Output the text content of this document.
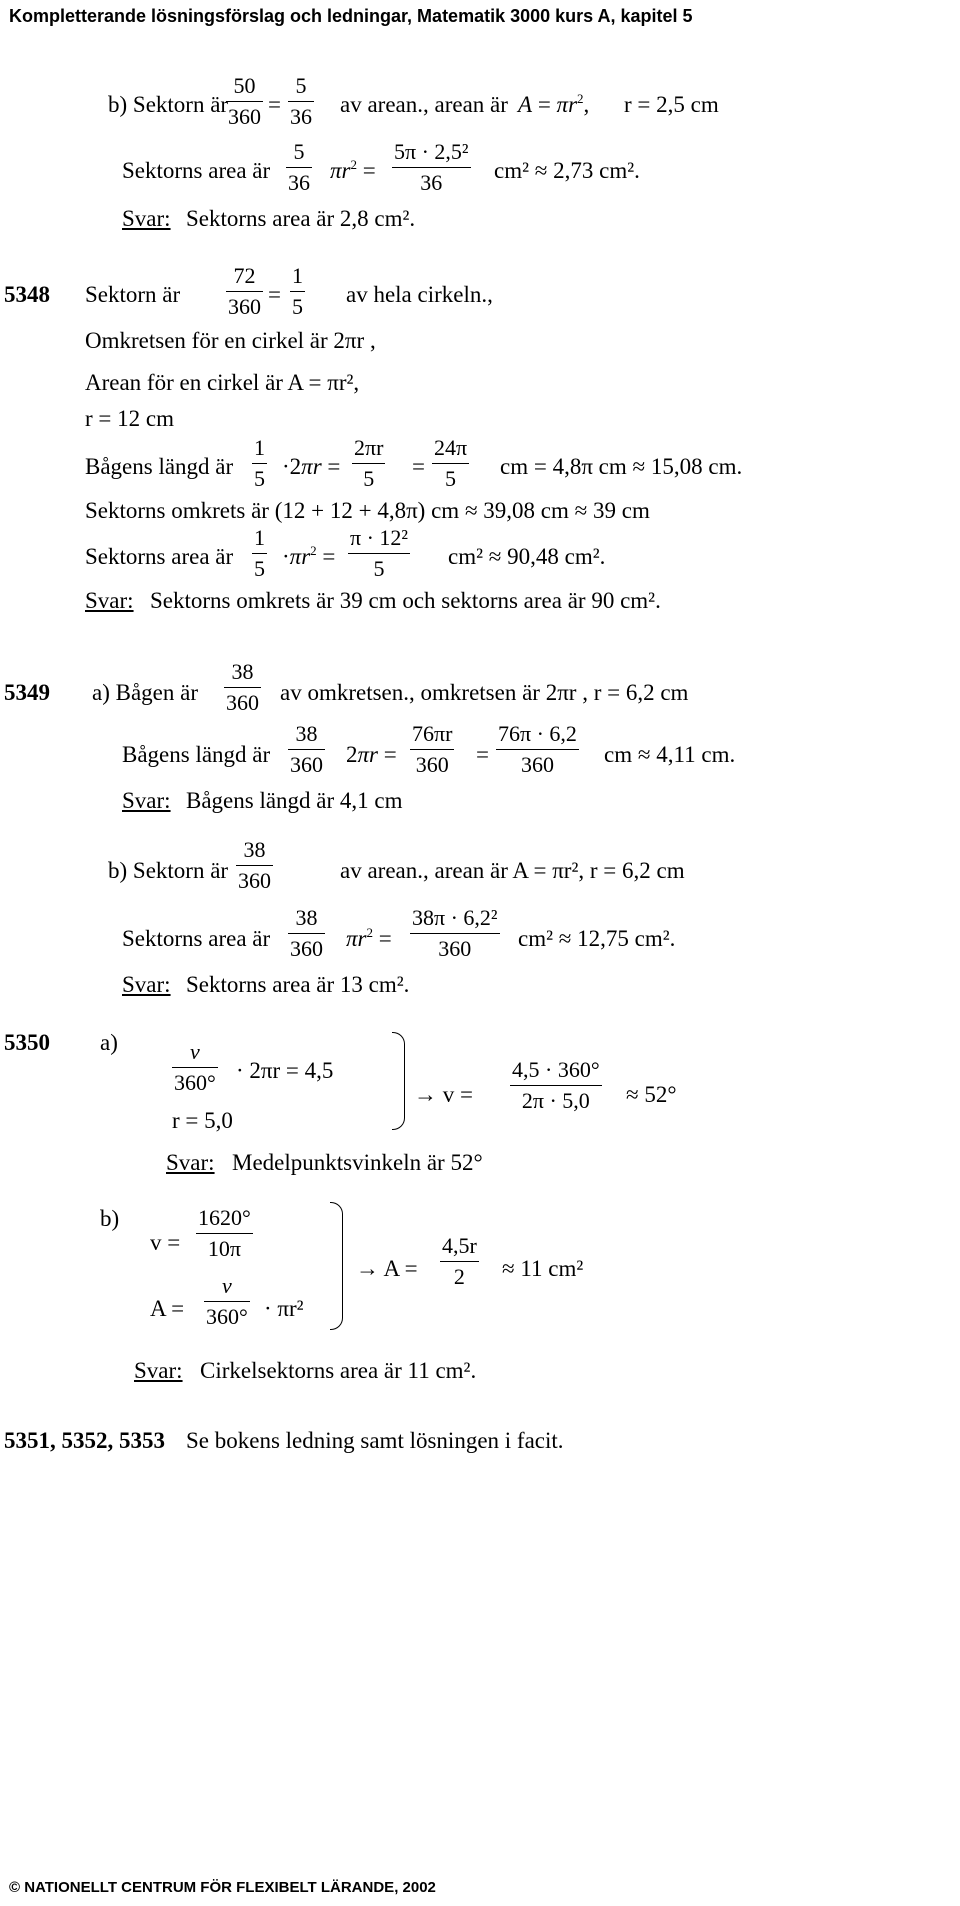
Kompletterande lösningsförslag och ledningar, Matematik 3000 kurs A, kapitel 5
b) Sektorn är
50
360 =
5
36 av arean., arean är $A = \pi r^2$, r = 2,5 cm
Sektorns area är
5
36 $\pi r^2$ =
5π · 2,5²
36	cm² ≈ 2,73 cm².
Svar: Sektorns area är 2,8 cm².
5348 Sektorn är
72
360 =
1
5 av hela cirkeln.,
Omkretsen för en cirkel är 2πr ,
Arean för en cirkel är A = πr²,
r = 12 cm
Bågens längd är
1
5 ·2πr =
2πr
5	=
24π
5	cm = 4,8π cm ≈ 15,08 cm.
Sektorns omkrets är (12 + 12 + 4,8π) cm ≈ 39,08 cm ≈ 39 cm
Sektorns area är
1
$5 \cdot\pi r^2$ =
π · 12²
5	cm² ≈ 90,48 cm².
Svar: Sektorns omkrets är 39 cm och sektorns area är 90 cm².
5349 a) Bågen är
38
360 av omkretsen., omkretsen är 2πr , r = 6,2 cm
Bågens längd är
38
360 2πr =
76πr
360 =
76π · 6,2
360	cm ≈ 4,11 cm.
Svar: Bågens längd är 4,1 cm
b) Sektorn är
38
360	av arean., arean är A = πr², r = 6,2 cm
Sektorns area är
38
360 $\pi r^2$ =
38π · 6,2²
360	cm² ≈ 12,75 cm².
Svar: Sektorns area är 13 cm².
5350 a)	v
360° · 2πr = 4,5
r = 5,0
→ v =
4,5 · 360°
2π · 5,0	≈ 52°
Svar: Medelpunktsvinkeln är 52°
b)
v =
1620°
10π
A =
v
360° · πr²
→ A =
4,5r
2	≈ 11 cm²
Svar: Cirkelsektorns area är 11 cm².
5351, 5352, 5353 Se bokens ledning samt lösningen i facit.
© NATIONELLT CENTRUM FÖR FLEXIBELT LÄRANDE, 2002
